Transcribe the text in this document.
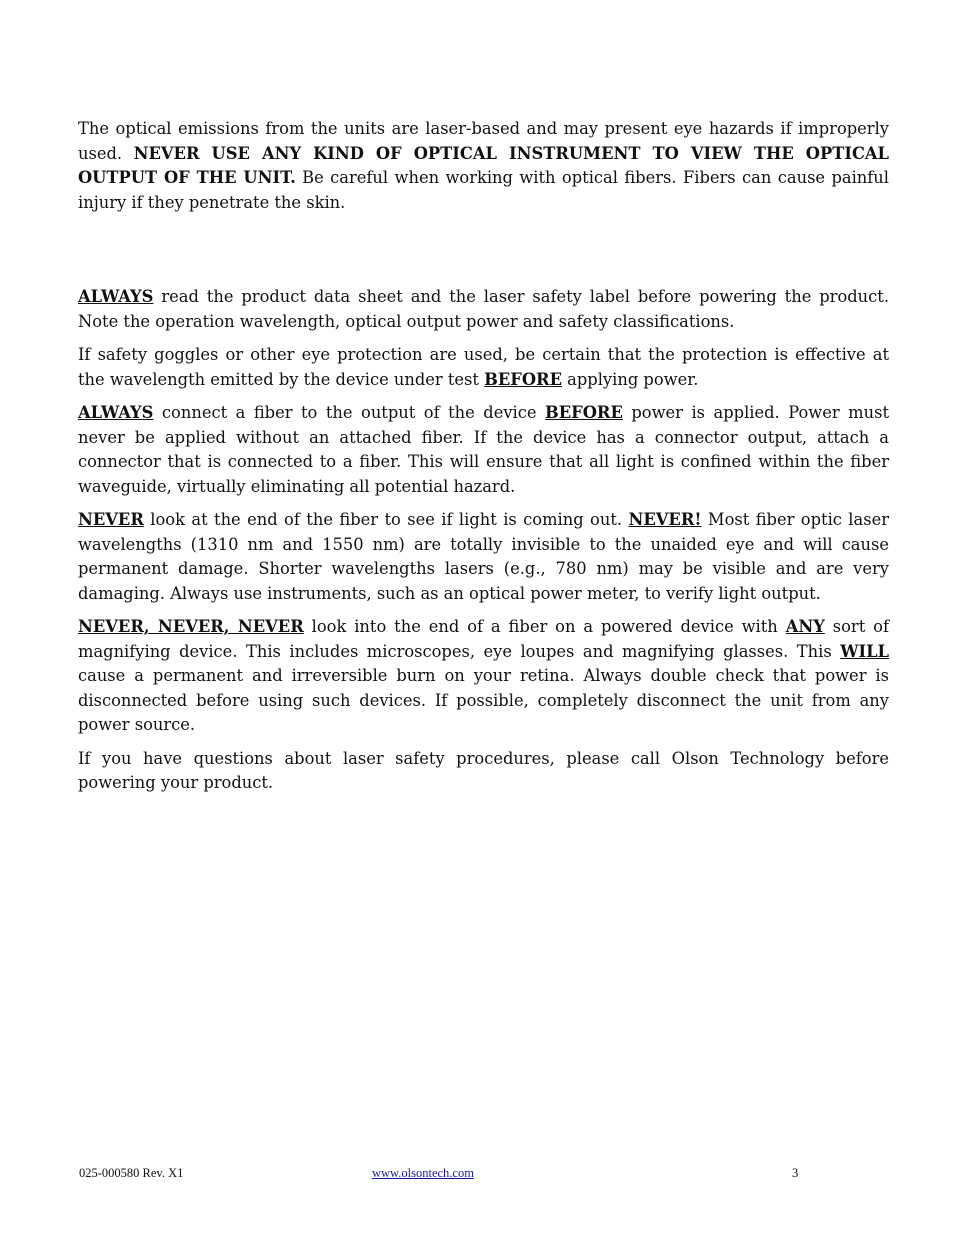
The optical emissions from the units are laser-based and may present eye hazards if improperly used. NEVER USE ANY KIND OF OPTICAL INSTRUMENT TO VIEW THE OPTICAL OUTPUT OF THE UNIT. Be careful when working with optical fibers. Fibers can cause painful injury if they penetrate the skin.

ALWAYS read the product data sheet and the laser safety label before powering the product. Note the operation wavelength, optical output power and safety classifications.

If safety goggles or other eye protection are used, be certain that the protection is effective at the wavelength emitted by the device under test BEFORE applying power.

ALWAYS connect a fiber to the output of the device BEFORE power is applied. Power must never be applied without an attached fiber. If the device has a connector output, attach a connector that is connected to a fiber. This will ensure that all light is confined within the fiber waveguide, virtually eliminating all potential hazard.

NEVER look at the end of the fiber to see if light is coming out. NEVER! Most fiber optic laser wavelengths (1310 nm and 1550 nm) are totally invisible to the unaided eye and will cause permanent damage. Shorter wavelengths lasers (e.g., 780 nm) may be visible and are very damaging. Always use instruments, such as an optical power meter, to verify light output.

NEVER, NEVER, NEVER look into the end of a fiber on a powered device with ANY sort of magnifying device. This includes microscopes, eye loupes and magnifying glasses. This WILL cause a permanent and irreversible burn on your retina. Always double check that power is disconnected before using such devices. If possible, completely disconnect the unit from any power source.

If you have questions about laser safety procedures, please call Olson Technology before powering your product.

025-000580 Rev. X1	www.olsontech.com	3
